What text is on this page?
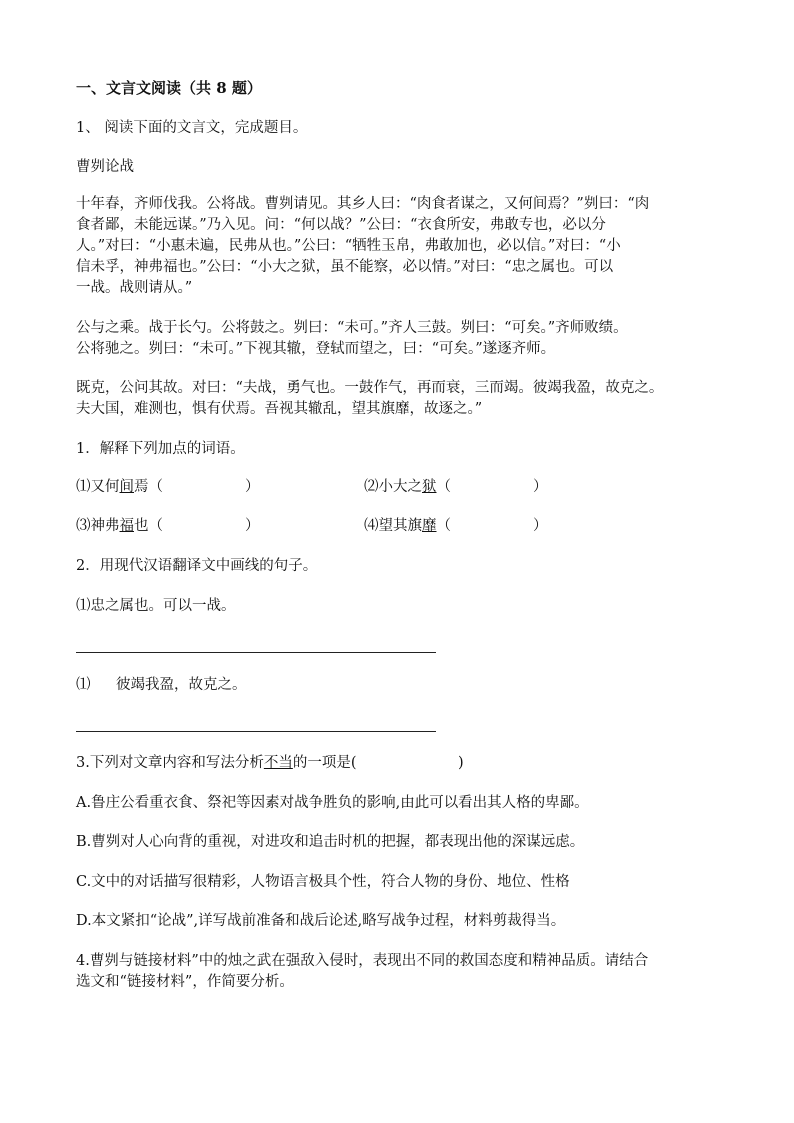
一、文言文阅读（共 8 题）
1、 阅读下面的文言文，完成题目。
曹刿论战
十年春，齐师伐我。公将战。曹刿请见。其乡人曰：“肉食者谋之，又何间焉？”刿曰：“肉
食者鄙，未能远谋。”乃入见。问：“何以战？”公曰：“衣食所安，弗敢专也，必以分
人。”对曰：“小惠未遍，民弗从也。”公曰：“牺牲玉帛，弗敢加也，必以信。”对曰：“小
信未孚，神弗福也。”公曰：“小大之狱，虽不能察，必以情。”对曰：“忠之属也。可以
一战。战则请从。”
公与之乘。战于长勺。公将鼓之。刿曰：“未可。”齐人三鼓。刿曰：“可矣。”齐师败绩。
公将驰之。刿曰：“未可。”下视其辙，登轼而望之，曰：“可矣。”遂逐齐师。
既克，公问其故。对曰：“夫战，勇气也。一鼓作气，再而衰，三而竭。彼竭我盈，故克之。
夫大国，难测也，惧有伏焉。吾视其辙乱，望其旗靡，故逐之。”
1．解释下列加点的词语。
⑴又何间焉（	）	⑵小大之狱（	）
⑶神弗福也（	）	⑷望其旗靡（	）
2．用现代汉语翻译文中画线的句子。
⑴忠之属也。可以一战。
⑴ 彼竭我盈，故克之。
3.下列对文章内容和写法分析不当的一项是(	)
A.鲁庄公看重衣食、祭祀等因素对战争胜负的影响,由此可以看出其人格的卑鄙。
B.曹刿对人心向背的重视，对进攻和追击时机的把握，都表现出他的深谋远虑。
C.文中的对话描写很精彩，人物语言极具个性，符合人物的身份、地位、性格
D.本文紧扣“论战”,详写战前准备和战后论述,略写战争过程，材料剪裁得当。
4.曹刿与链接材料”中的烛之武在强敌入侵时，表现出不同的救国态度和精神品质。请结合
选文和“链接材料”，作简要分析。
